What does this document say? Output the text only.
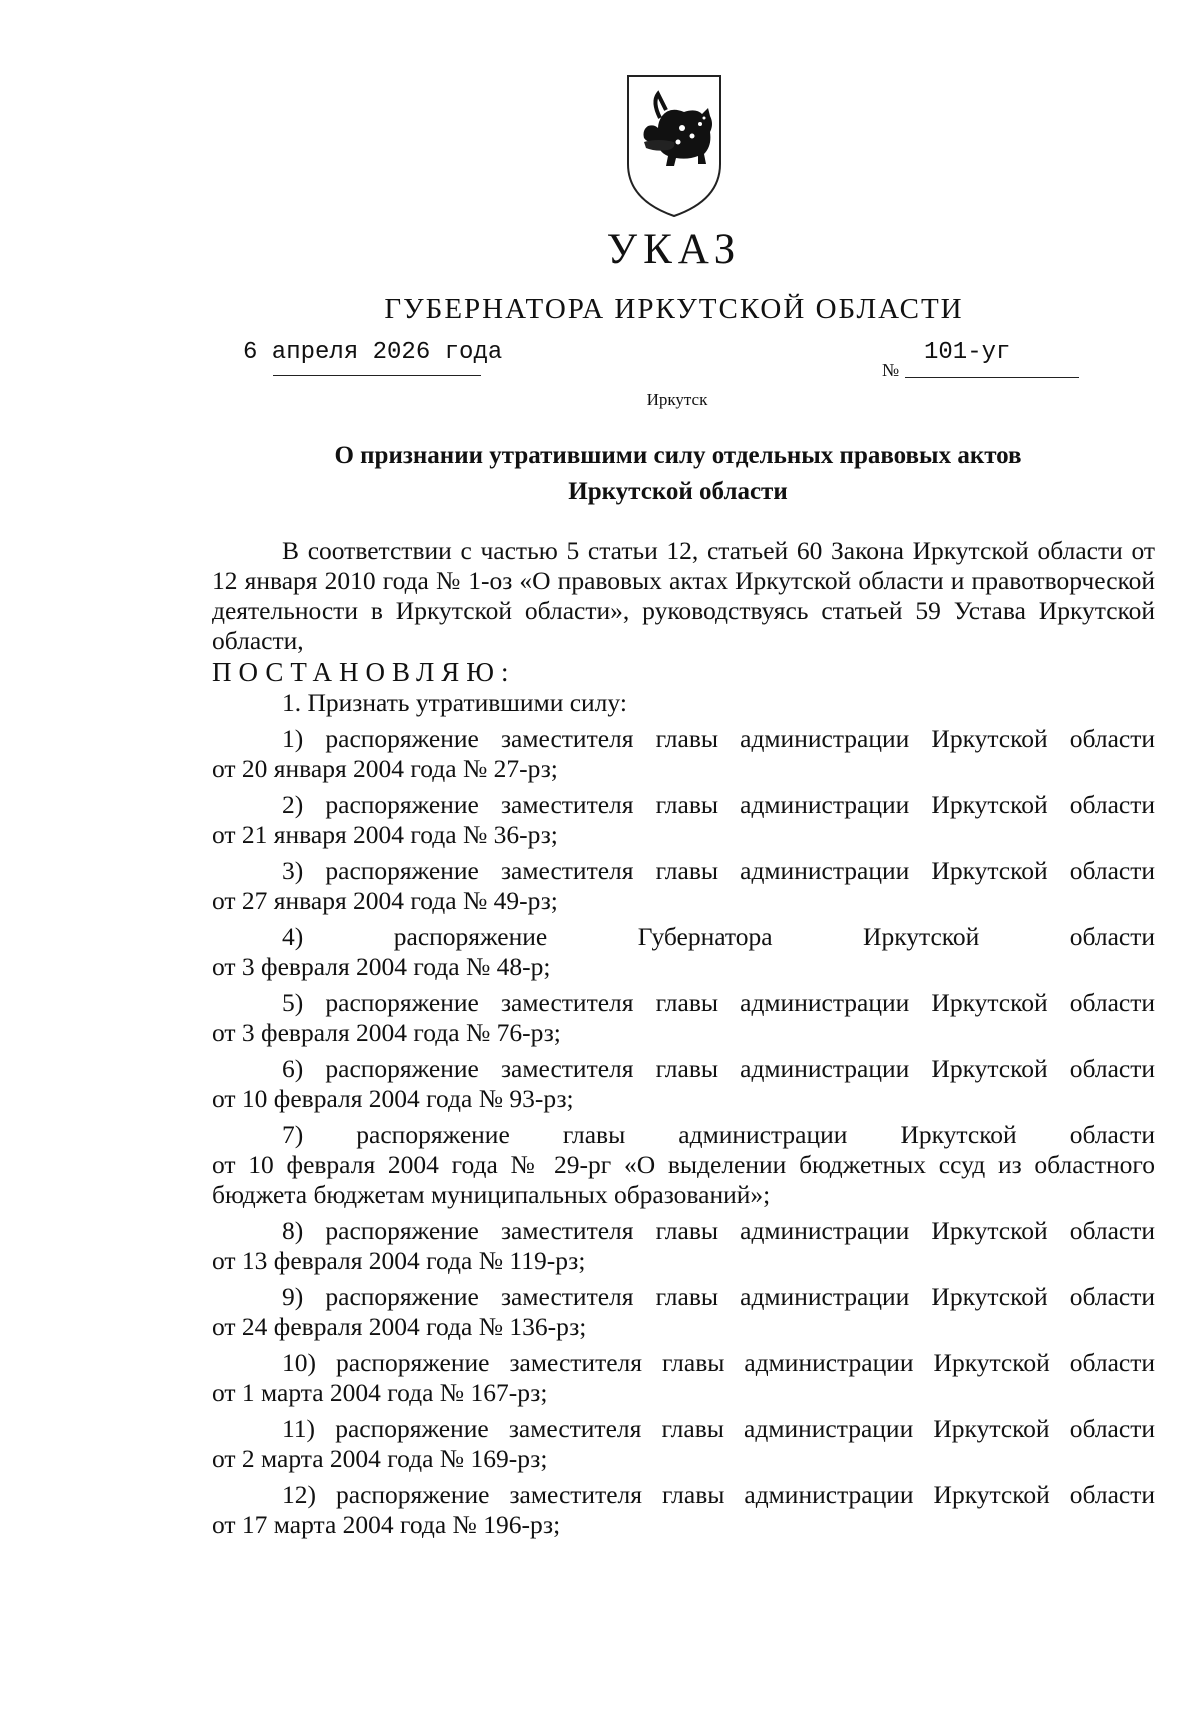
УКАЗ
ГУБЕРНАТОРА ИРКУТСКОЙ ОБЛАСТИ
6 апреля 2026 года
№
101-уг
Иркутск
О признании утратившими силу отдельных правовых актов
Иркутской области

В соответствии с частью 5 статьи 12, статьей 60 Закона Иркутской области от 12 января 2010 года № 1-оз «О правовых актах Иркутской области и правотворческой деятельности в Иркутской области», руководствуясь статьей 59 Устава Иркутской области,

ПОСТАНОВЛЯЮ:

1. Признать утратившими силу:

1) распоряжение заместителя главы администрации Иркутской области

от 20 января 2004 года № 27-рз;

2) распоряжение заместителя главы администрации Иркутской области

от 21 января 2004 года № 36-рз;

3) распоряжение заместителя главы администрации Иркутской области

от 27 января 2004 года № 49-рз;

4) распоряжение Губернатора Иркутской области

от 3 февраля 2004 года № 48-р;

5) распоряжение заместителя главы администрации Иркутской области

от 3 февраля 2004 года № 76-рз;

6) распоряжение заместителя главы администрации Иркутской области

от 10 февраля 2004 года № 93-рз;

7) распоряжение главы администрации Иркутской области

от 10 февраля 2004 года № 29-рг «О выделении бюджетных ссуд из областного

бюджета бюджетам муниципальных образований»;

8) распоряжение заместителя главы администрации Иркутской области

от 13 февраля 2004 года № 119-рз;

9) распоряжение заместителя главы администрации Иркутской области

от 24 февраля 2004 года № 136-рз;

10) распоряжение заместителя главы администрации Иркутской области

от 1 марта 2004 года № 167-рз;

11) распоряжение заместителя главы администрации Иркутской области

от 2 марта 2004 года № 169-рз;

12) распоряжение заместителя главы администрации Иркутской области

от 17 марта 2004 года № 196-рз;
